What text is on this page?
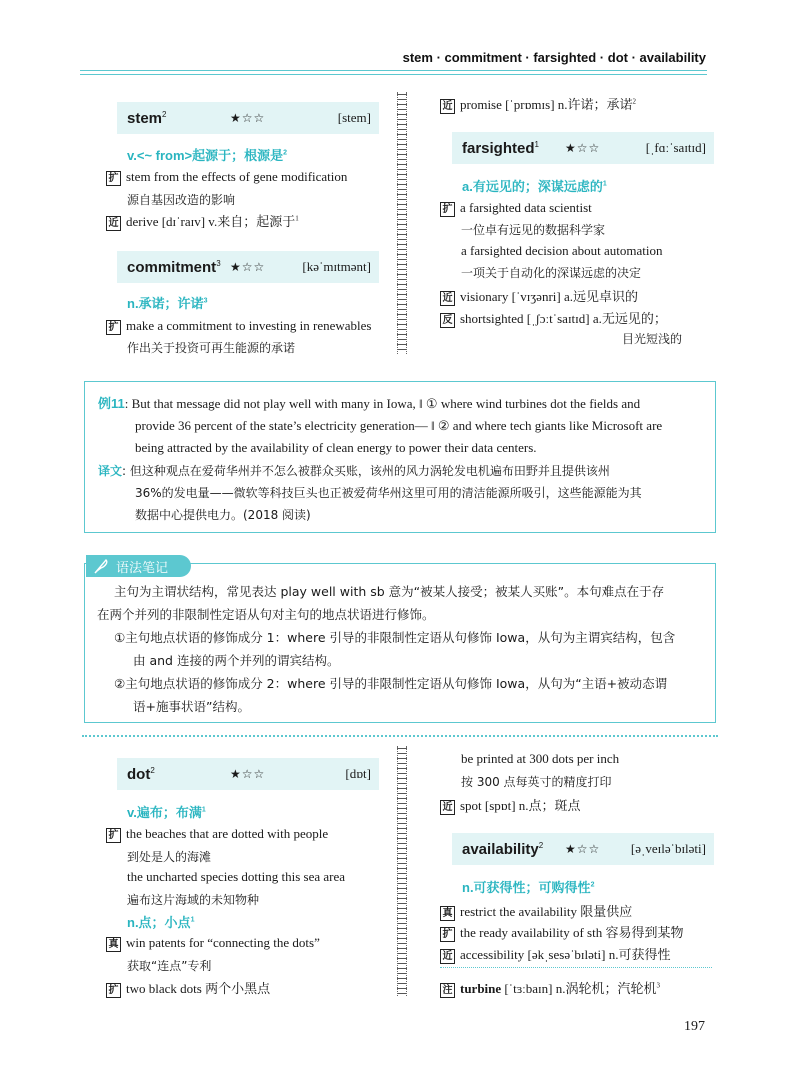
stem · commitment · farsighted · dot · availability
stem$^2$	★☆☆	[stem]
v.<~ from>起源于；根源是$^2$
扩 stem from the effects of gene modification
源自基因改造的影响
近 derive [dɪˈraɪv] v.来自；起源于$^1$
commitment$^3$ ★☆☆	[kəˈmɪtmənt]
n.承诺；许诺$^3$
扩 make a commitment to investing in renewables
作出关于投资可再生能源的承诺
近 promise [ˈprɒmɪs] n.许诺；承诺$^2$
farsighted$^1$ ★☆☆	[ˌfɑːˈsaɪtɪd]
a.有远见的；深谋远虑的$^1$
扩 a farsighted data scientist
一位卓有远见的数据科学家
a farsighted decision about automation
一项关于自动化的深谋远虑的决定
近 visionary [ˈvɪʒənri] a.远见卓识的
反 shortsighted [ˌʃɔːtˈsaɪtɪd] a.无远见的；
目光短浅的
例11: But that message did not play well with many in Iowa, ‖ ① where wind turbines dot the fields and
provide 36 percent of the state’s electricity generation— ‖ ② and where tech giants like Microsoft are
being attracted by the availability of clean energy to power their data centers.
译文: 但这种观点在爱荷华州并不怎么被群众买账，该州的风力涡轮发电机遍布田野并且提供该州
36%的发电量——微软等科技巨头也正被爱荷华州这里可用的清洁能源所吸引，这些能源能为其
数据中心提供电力。(2018 阅读)
语法笔记
主句为主谓状结构，常见表达 play well with sb 意为“被某人接受；被某人买账”。本句难点在于存
在两个并列的非限制性定语从句对主句的地点状语进行修饰。
①主句地点状语的修饰成分 1：where 引导的非限制性定语从句修饰 Iowa，从句为主谓宾结构，包含
由 and 连接的两个并列的谓宾结构。
②主句地点状语的修饰成分 2：where 引导的非限制性定语从句修饰 Iowa，从句为“主语+被动态谓
语+施事状语”结构。
dot$^2$	★☆☆	[dɒt]
v.遍布；布满$^1$
扩 the beaches that are dotted with people
到处是人的海滩
the uncharted species dotting this sea area
遍布这片海域的未知物种
n.点；小点$^1$
真 win patents for “connecting the dots”
获取“连点”专利
扩 two black dots 两个小黑点
be printed at 300 dots per inch
按 300 点每英寸的精度打印
近 spot [spɒt] n.点；斑点
availability$^2$ ★☆☆ [əˌveɪləˈbɪləti]
n.可获得性；可购得性$^2$
真 restrict the availability 限量供应
扩 the ready availability of sth 容易得到某物
近 accessibility [əkˌsesəˈbɪləti] n.可获得性
注 turbine [ˈtɜːbaɪn] n.涡轮机；汽轮机$^3$
197
